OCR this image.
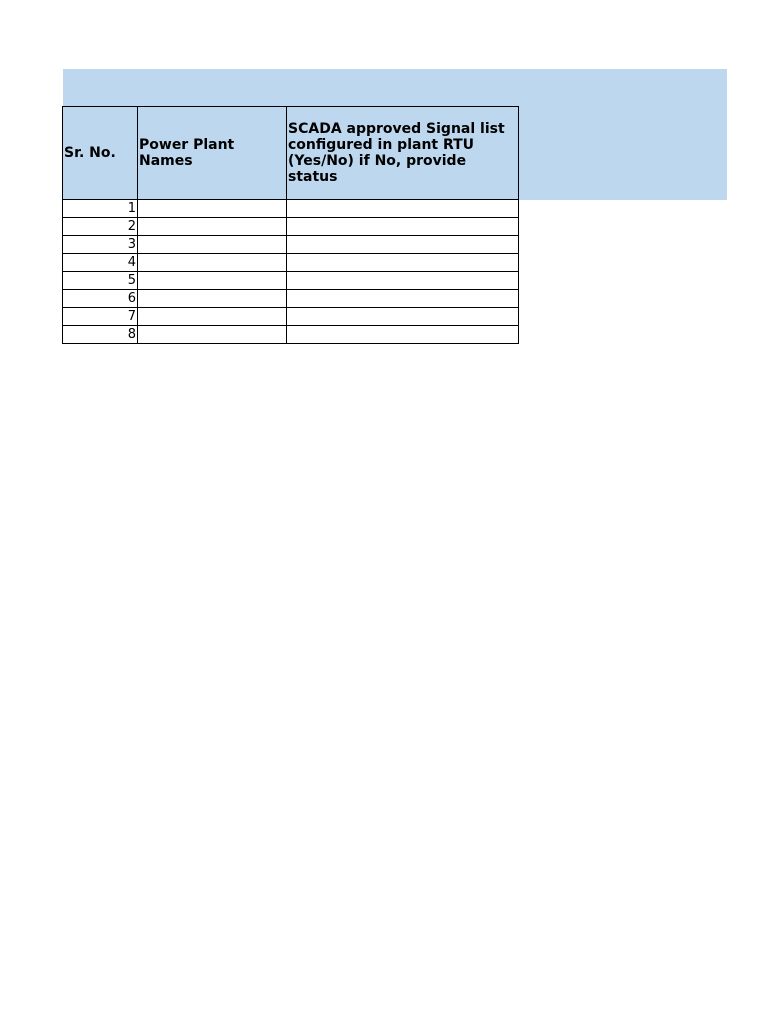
Sr. No.	Power Plant Names	SCADA approved Signal list configured in plant RTU (Yes/No) if No, provide status
1		
2		
3		
4		
5		
6		
7		
8		
